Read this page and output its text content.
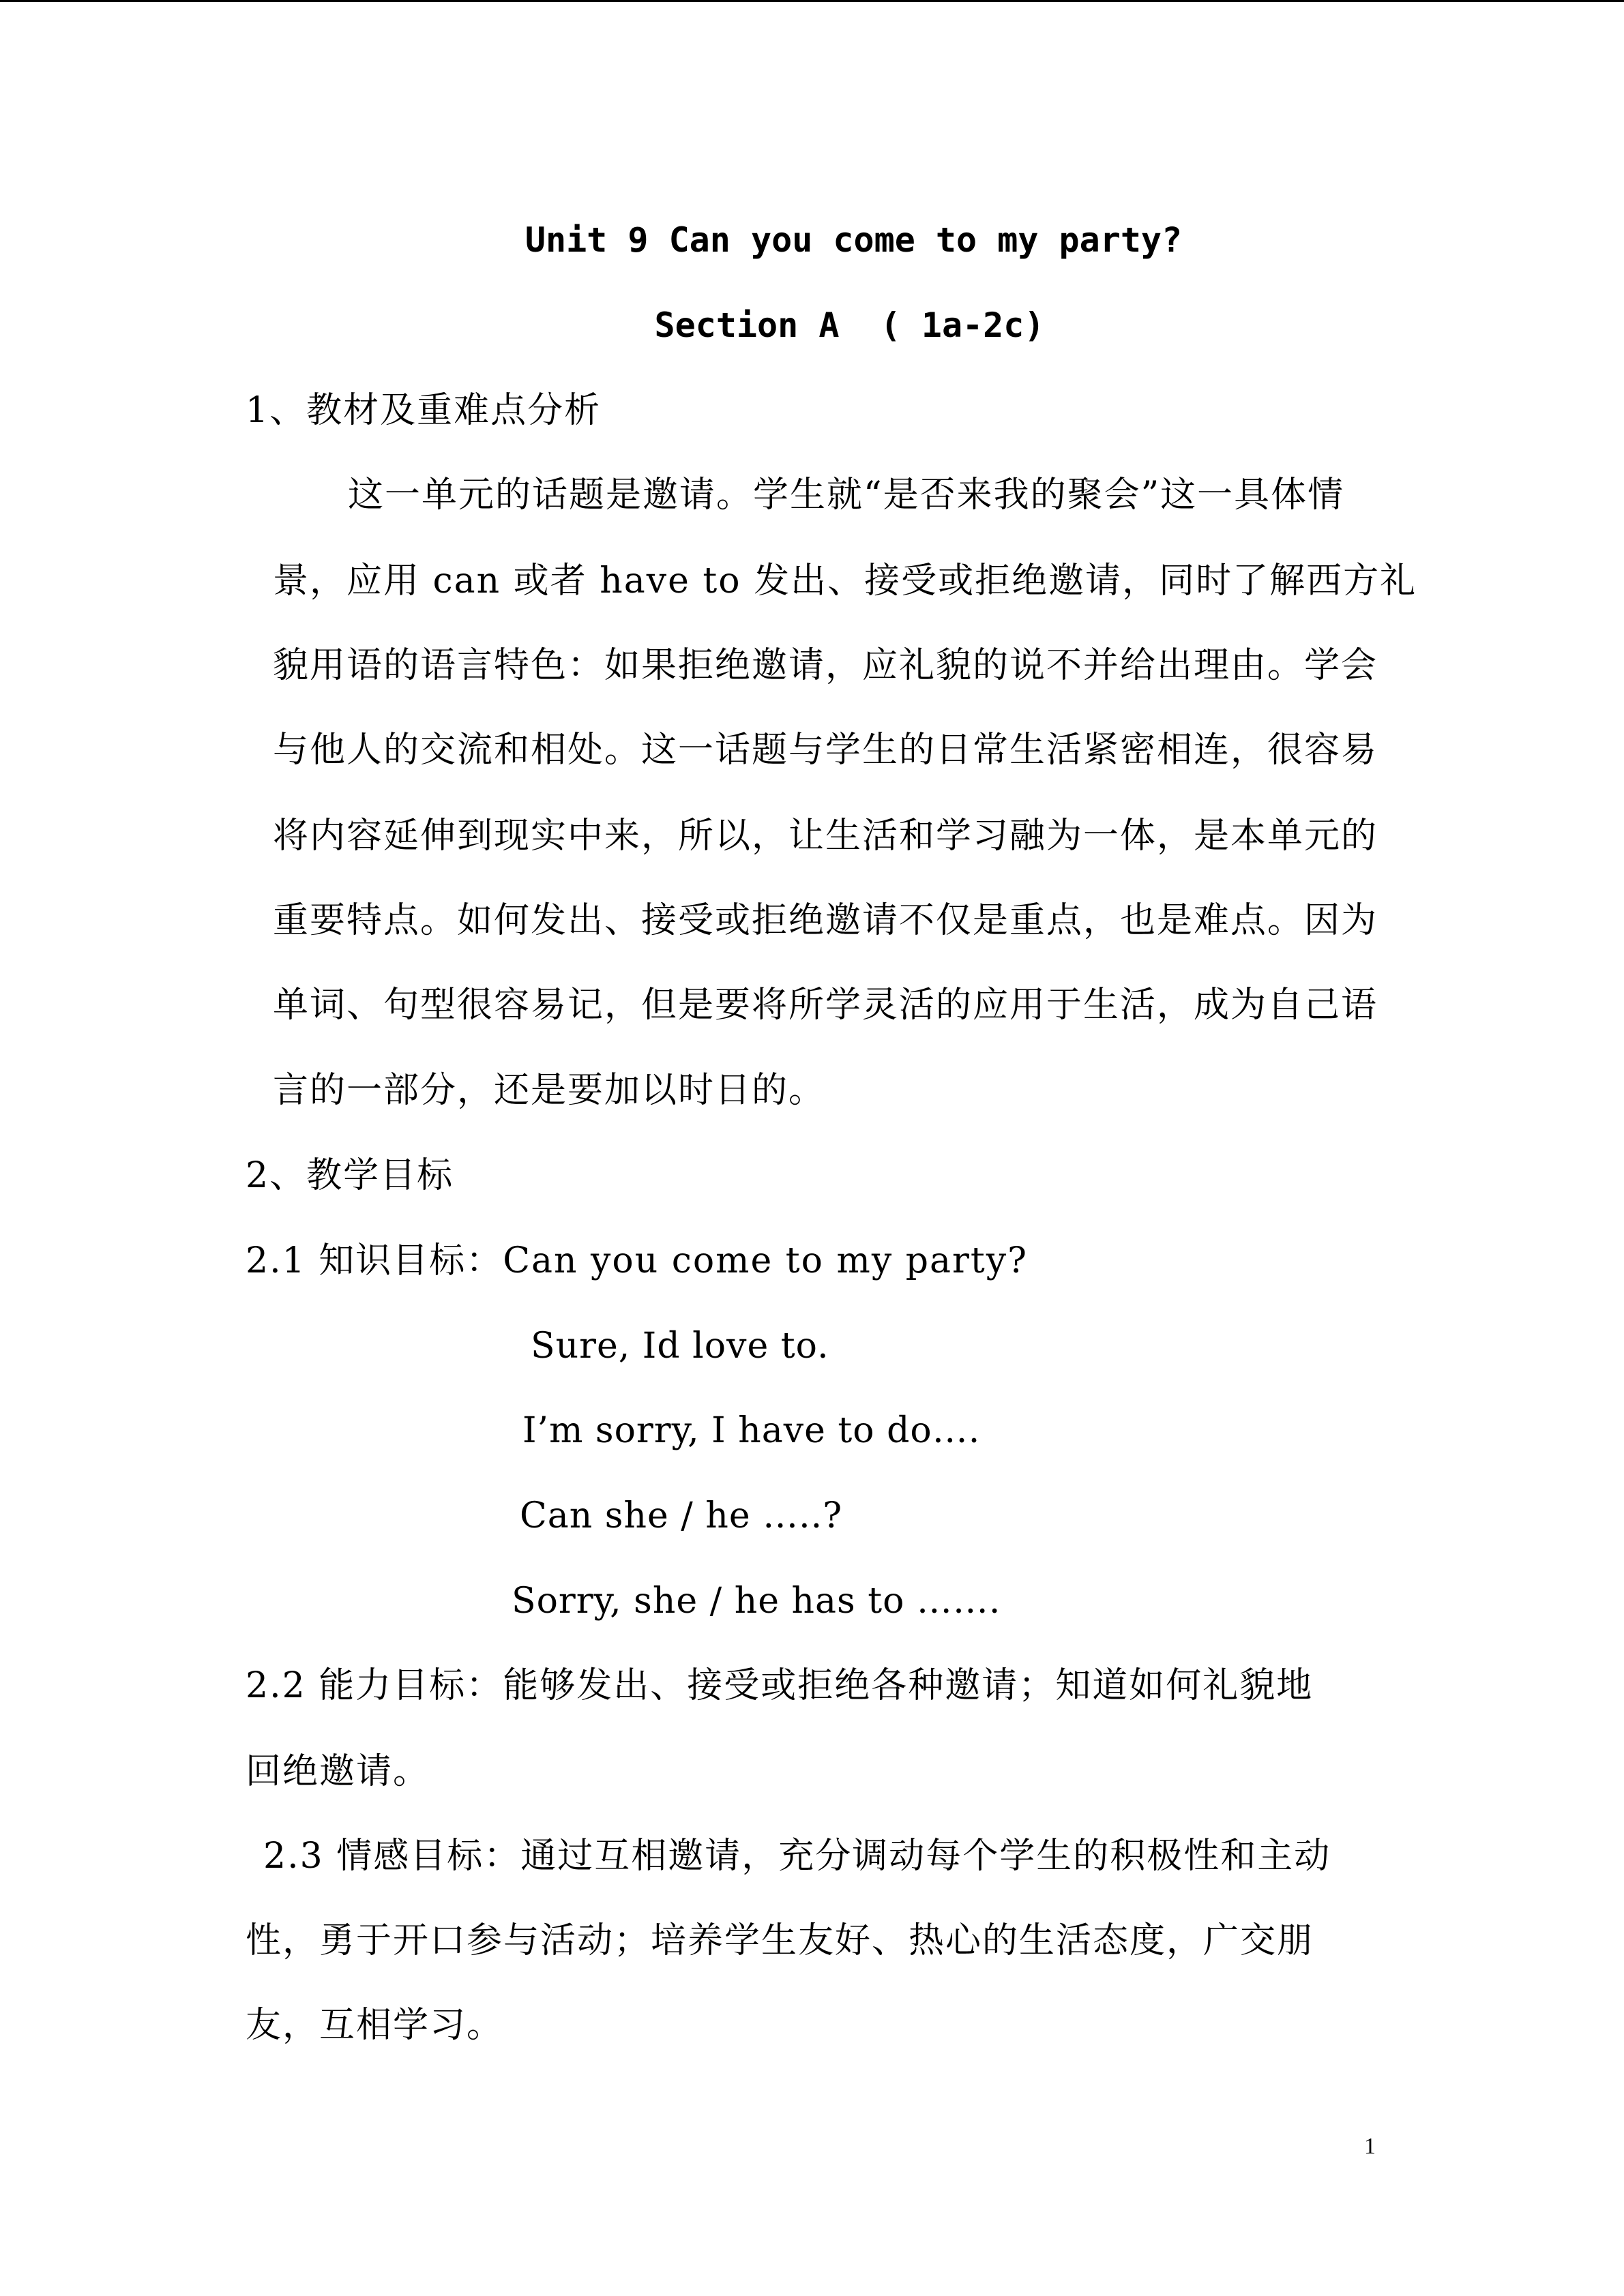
Unit 9 Can you come to my party?
Section A  ( 1a-2c)
1、教材及重难点分析
这一单元的话题是邀请。学生就“是否来我的聚会”这一具体情
景，应用 can 或者 have to 发出、接受或拒绝邀请，同时了解西方礼
貌用语的语言特色：如果拒绝邀请，应礼貌的说不并给出理由。学会
与他人的交流和相处。这一话题与学生的日常生活紧密相连，很容易
将内容延伸到现实中来，所以，让生活和学习融为一体，是本单元的
重要特点。如何发出、接受或拒绝邀请不仅是重点，也是难点。因为
单词、句型很容易记，但是要将所学灵活的应用于生活，成为自己语
言的一部分，还是要加以时日的。
2、教学目标
2.1 知识目标：Can you come to my party?
Sure, Id love to.
I’m sorry, I have to do….
Can she / he …..?
Sorry, she / he has to …….
2.2 能力目标：能够发出、接受或拒绝各种邀请；知道如何礼貌地
回绝邀请。
2.3 情感目标：通过互相邀请，充分调动每个学生的积极性和主动
性，勇于开口参与活动；培养学生友好、热心的生活态度，广交朋
友，互相学习。
1
